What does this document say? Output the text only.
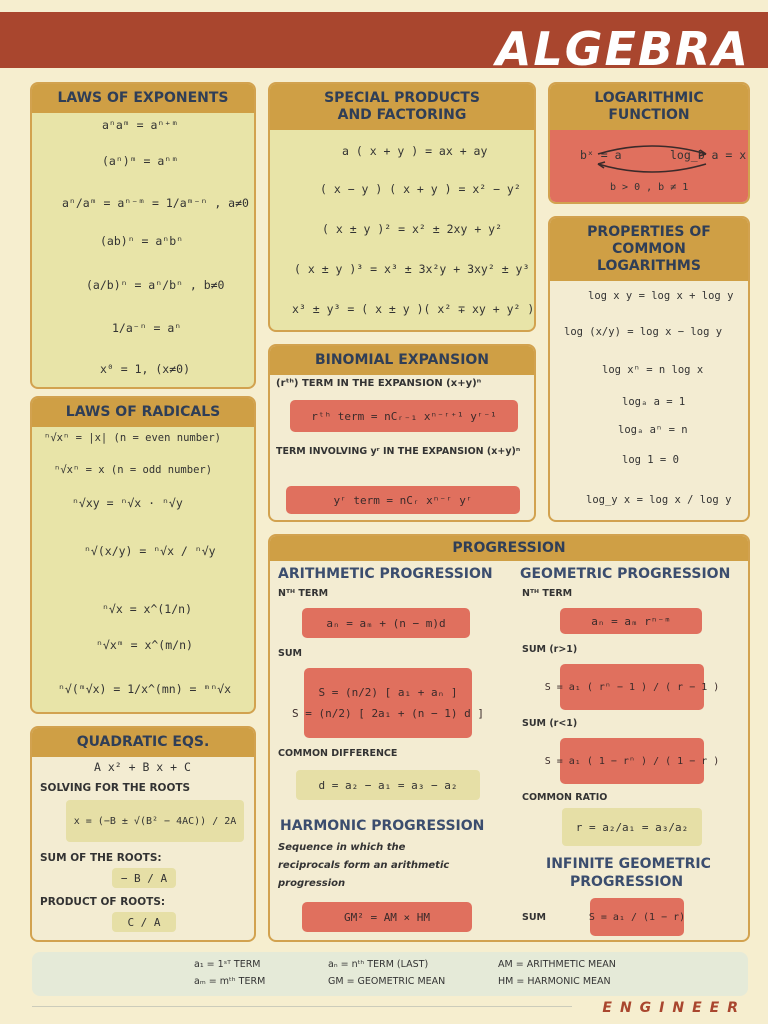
ALGEBRA
LAWS OF EXPONENTS
aⁿaᵐ = aⁿ⁺ᵐ
(aⁿ)ᵐ = aⁿᵐ
aⁿ/aᵐ = aⁿ⁻ᵐ = 1/aᵐ⁻ⁿ , a≠0
(ab)ⁿ = aⁿbⁿ
(a/b)ⁿ = aⁿ/bⁿ , b≠0
1/a⁻ⁿ = aⁿ
x⁰ = 1, (x≠0)
LAWS OF RADICALS
ⁿ√xⁿ = |x| (n = even number)
ⁿ√xⁿ = x (n = odd number)
ⁿ√xy = ⁿ√x · ⁿ√y
ⁿ√(x/y) = ⁿ√x / ⁿ√y
ⁿ√x = x^(1/n)
ⁿ√xᵐ = x^(m/n)
ⁿ√(ᵐ√x) = 1/x^(mn) = ᵐⁿ√x
QUADRATIC EQS.
A x² + B x + C
SOLVING FOR THE ROOTS
x = (−B ± √(B² − 4AC)) / 2A
SUM OF THE ROOTS:
− B / A
PRODUCT OF ROOTS:
C / A
SPECIAL PRODUCTS AND FACTORING
a ( x + y ) = ax + ay
( x − y ) ( x + y ) = x² − y²
( x ± y )² = x² ± 2xy + y²
( x ± y )³ = x³ ± 3x²y + 3xy² ± y³
x³ ± y³ = ( x ± y )( x² ∓ xy + y² )
BINOMIAL EXPANSION
(rᵗʰ) TERM IN THE EXPANSION (x+y)ⁿ
rᵗʰ term = nCᵣ₋₁ xⁿ⁻ʳ⁺¹ yʳ⁻¹
TERM INVOLVING yʳ IN THE EXPANSION (x+y)ⁿ
yʳ term = nCᵣ xⁿ⁻ʳ yʳ
LOGARITHMIC FUNCTION
bˣ = a	log_b a = x
b > 0 , b ≠ 1
PROPERTIES OF COMMON LOGARITHMS
log x y = log x + log y
log (x/y) = log x − log y
log xⁿ = n log x
logₐ a = 1
logₐ aⁿ = n
log 1 = 0
log_y x = log x / log y
PROGRESSION
ARITHMETIC PROGRESSION GEOMETRIC PROGRESSION
Nᵀᴴ TERM	Nᵀᴴ TERM
aₙ = aₘ + (n − m)d	aₙ = aₘ rⁿ⁻ᵐ
SUM	SUM (r>1)
S = (n/2) [ a₁ + aₙ ]
S = (n/2) [ 2a₁ + (n − 1) d ]
S = a₁ ( rⁿ − 1 ) / ( r − 1 )
SUM (r<1)
S = a₁ ( 1 − rⁿ ) / ( 1 − r )
COMMON DIFFERENCE
d = a₂ − a₁ = a₃ − a₂
COMMON RATIO
r = a₂/a₁ = a₃/a₂
HARMONIC PROGRESSION
Sequence in which the
reciprocals form an arithmetic
progression
INFINITE GEOMETRIC
PROGRESSION
GM² = AM × HM	SUM	S = a₁ / (1 − r)
a₁ = 1ˢᵀ TERM
aₘ = mᵗʰ TERM
aₙ = nᵗʰ TERM (LAST)
GM = GEOMETRIC MEAN
AM = ARITHMETIC MEAN
HM = HARMONIC MEAN
ENGINEER
